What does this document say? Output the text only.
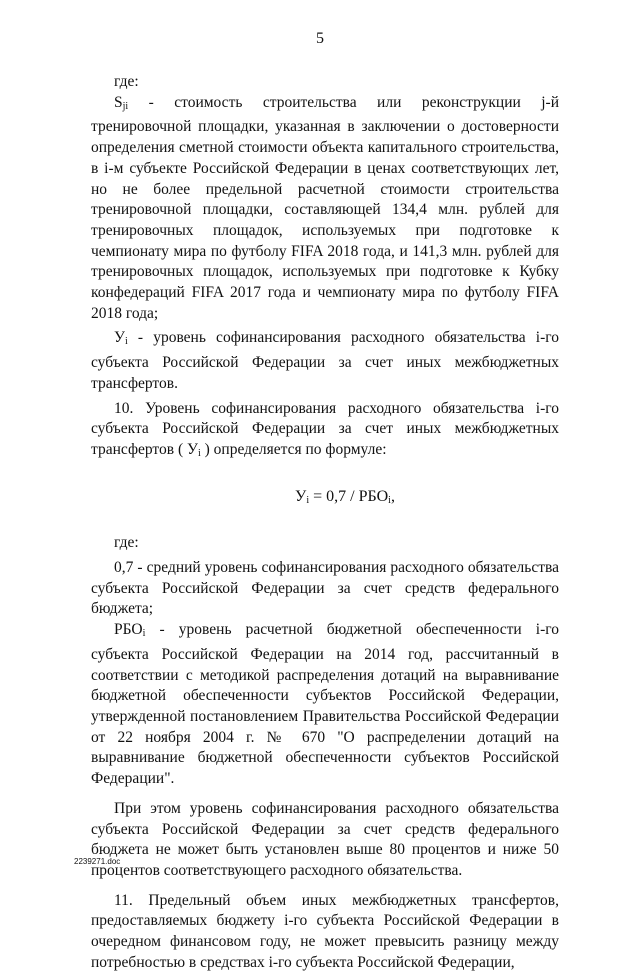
5

где:

$S_{ji}$ - стоимость строительства или реконструкции j-й тренировочной площадки, указанная в заключении о достоверности определения сметной стоимости объекта капитального строительства, в i-м субъекте Российской Федерации в ценах соответствующих лет, но не более предельной расчетной стоимости строительства тренировочной площадки, составляющей 134,4 млн. рублей для тренировочных площадок, используемых при подготовке к чемпионату мира по футболу FIFA 2018 года, и 141,3 млн. рублей для тренировочных площадок, используемых при подготовке к Кубку конфедераций FIFA 2017 года и чемпионату мира по футболу FIFA 2018 года;

$У_i$ - уровень софинансирования расходного обязательства i-го субъекта Российской Федерации за счет иных межбюджетных трансфертов.

10. Уровень софинансирования расходного обязательства i-го субъекта Российской Федерации за счет иных межбюджетных трансфертов ( $У_i$ ) определяется по формуле:

$У_i = 0,7 / РБО_i$,

где:

0,7 - средний уровень софинансирования расходного обязательства субъекта Российской Федерации за счет средств федерального бюджета;

$РБО_i$ - уровень расчетной бюджетной обеспеченности i-го субъекта Российской Федерации на 2014 год, рассчитанный в соответствии с методикой распределения дотаций на выравнивание бюджетной обеспеченности субъектов Российской Федерации, утвержденной постановлением Правительства Российской Федерации от 22 ноября 2004 г. № 670 "О распределении дотаций на выравнивание бюджетной обеспеченности субъектов Российской Федерации".

При этом уровень софинансирования расходного обязательства субъекта Российской Федерации за счет средств федерального бюджета не может быть установлен выше 80 процентов и ниже 50 процентов соответствующего расходного обязательства.

11. Предельный объем иных межбюджетных трансфертов, предоставляемых бюджету i-го субъекта Российской Федерации в очередном финансовом году, не может превысить разницу между потребностью в средствах i-го субъекта Российской Федерации,

2239271.doc
